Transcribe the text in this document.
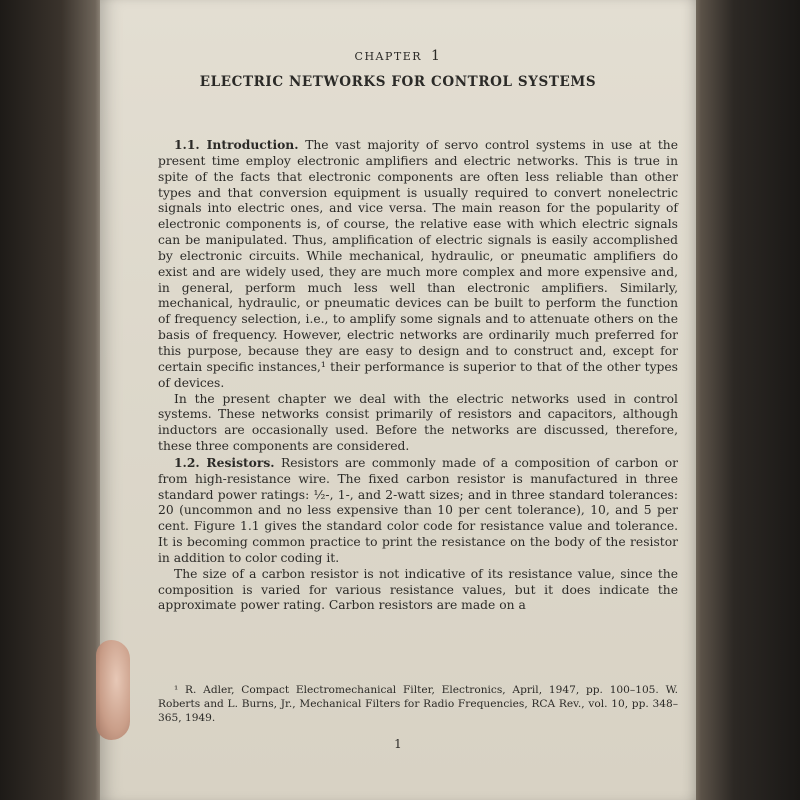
CHAPTER 1
ELECTRIC NETWORKS FOR CONTROL SYSTEMS

1.1. Introduction. The vast majority of servo control systems in use at the present time employ electronic amplifiers and electric networks. This is true in spite of the facts that electronic components are often less reliable than other types and that conversion equipment is usually required to convert nonelectric signals into electric ones, and vice versa. The main reason for the popularity of electronic components is, of course, the relative ease with which electric signals can be manipulated. Thus, amplification of electric signals is easily accomplished by electronic circuits. While mechanical, hydraulic, or pneumatic amplifiers do exist and are widely used, they are much more complex and more expensive and, in general, perform much less well than electronic amplifiers. Similarly, mechanical, hydraulic, or pneumatic devices can be built to perform the function of frequency selection, i.e., to amplify some signals and to attenuate others on the basis of frequency. However, electric networks are ordinarily much preferred for this purpose, because they are easy to design and to construct and, except for certain specific instances,¹ their performance is superior to that of the other types of devices.

In the present chapter we deal with the electric networks used in control systems. These networks consist primarily of resistors and capacitors, although inductors are occasionally used. Before the networks are discussed, therefore, these three components are considered.

1.2. Resistors. Resistors are commonly made of a composition of carbon or from high-resistance wire. The fixed carbon resistor is manufactured in three standard power ratings: ½-, 1-, and 2-watt sizes; and in three standard tolerances: 20 (uncommon and no less expensive than 10 per cent tolerance), 10, and 5 per cent. Figure 1.1 gives the standard color code for resistance value and tolerance. It is becoming common practice to print the resistance on the body of the resistor in addition to color coding it.

The size of a carbon resistor is not indicative of its resistance value, since the composition is varied for various resistance values, but it does indicate the approximate power rating. Carbon resistors are made on a

¹ R. Adler, Compact Electromechanical Filter, Electronics, April, 1947, pp. 100–105. W. Roberts and L. Burns, Jr., Mechanical Filters for Radio Frequencies, RCA Rev., vol. 10, pp. 348–365, 1949.

1
